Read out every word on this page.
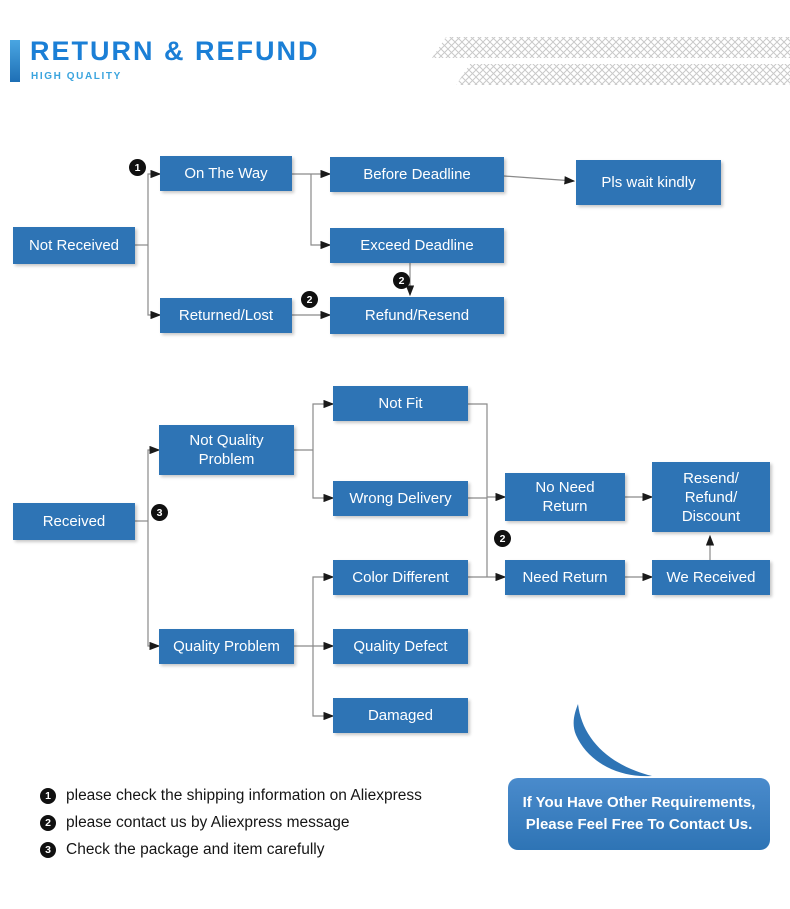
RETURN & REFUND
HIGH QUALITY
Not Received
On The Way	Before Deadline	Pls wait kindly
Exceed Deadline
Returned/Lost	Refund/Resend
Received
Not Quality Problem
Not Fit
Wrong Delivery
Quality Problem
Color Different
Quality Defect
Damaged
No Need Return
Need Return
Resend/ Refund/ Discount
We Received
1
2
2
3
2
1 please check the shipping information on Aliexpress
2 please contact us by Aliexpress message
3 Check the package and item carefully
If You Have Other Requirements,
Please Feel Free To Contact Us.
